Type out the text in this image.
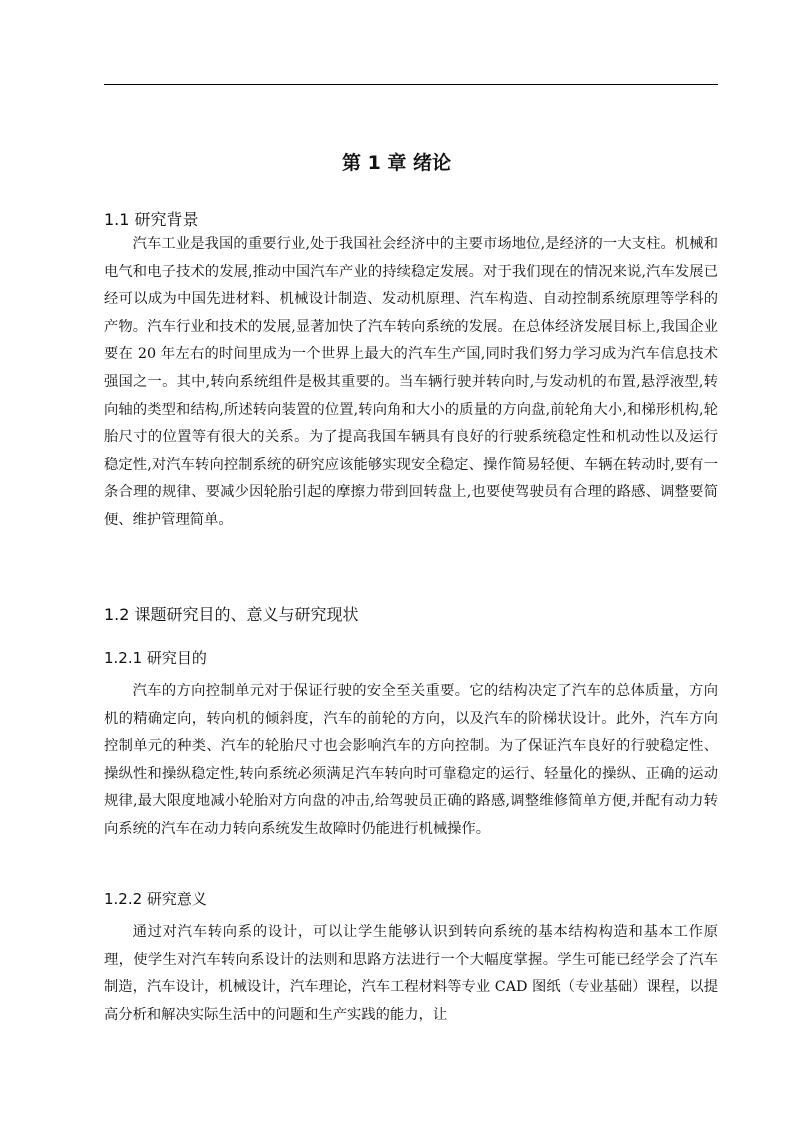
第 1 章 绪论
1.1 研究背景

汽车工业是我国的重要行业,处于我国社会经济中的主要市场地位,是经济的一大支柱。机械和电气和电子技术的发展,推动中国汽车产业的持续稳定发展。对于我们现在的情况来说,汽车发展已经可以成为中国先进材料、机械设计制造、发动机原理、汽车构造、自动控制系统原理等学科的产物。汽车行业和技术的发展,显著加快了汽车转向系统的发展。在总体经济发展目标上,我国企业要在 20 年左右的时间里成为一个世界上最大的汽车生产国,同时我们努力学习成为汽车信息技术强国之一。其中,转向系统组件是极其重要的。当车辆行驶并转向时,与发动机的布置,悬浮液型,转向轴的类型和结构,所述转向装置的位置,转向角和大小的质量的方向盘,前轮角大小,和梯形机构,轮胎尺寸的位置等有很大的关系。为了提高我国车辆具有良好的行驶系统稳定性和机动性以及运行稳定性,对汽车转向控制系统的研究应该能够实现安全稳定、操作简易轻便、车辆在转动时,要有一条合理的规律、要减少因轮胎引起的摩擦力带到回转盘上,也要使驾驶员有合理的路感、调整要简便、维护管理简单。

1.2 课题研究目的、意义与研究现状
1.2.1 研究目的

汽车的方向控制单元对于保证行驶的安全至关重要。它的结构决定了汽车的总体质量，方向机的精确定向，转向机的倾斜度，汽车的前轮的方向，以及汽车的阶梯状设计。此外，汽车方向控制单元的种类、汽车的轮胎尺寸也会影响汽车的方向控制。为了保证汽车良好的行驶稳定性、操纵性和操纵稳定性,转向系统必须满足汽车转向时可靠稳定的运行、轻量化的操纵、正确的运动规律,最大限度地减小轮胎对方向盘的冲击,给驾驶员正确的路感,调整维修简单方便,并配有动力转向系统的汽车在动力转向系统发生故障时仍能进行机械操作。

1.2.2 研究意义

通过对汽车转向系的设计，可以让学生能够认识到转向系统的基本结构构造和基本工作原理，使学生对汽车转向系设计的法则和思路方法进行一个大幅度掌握。学生可能已经学会了汽车制造，汽车设计，机械设计，汽车理论，汽车工程材料等专业 CAD 图纸（专业基础）课程，以提高分析和解决实际生活中的问题和生产实践的能力，让
